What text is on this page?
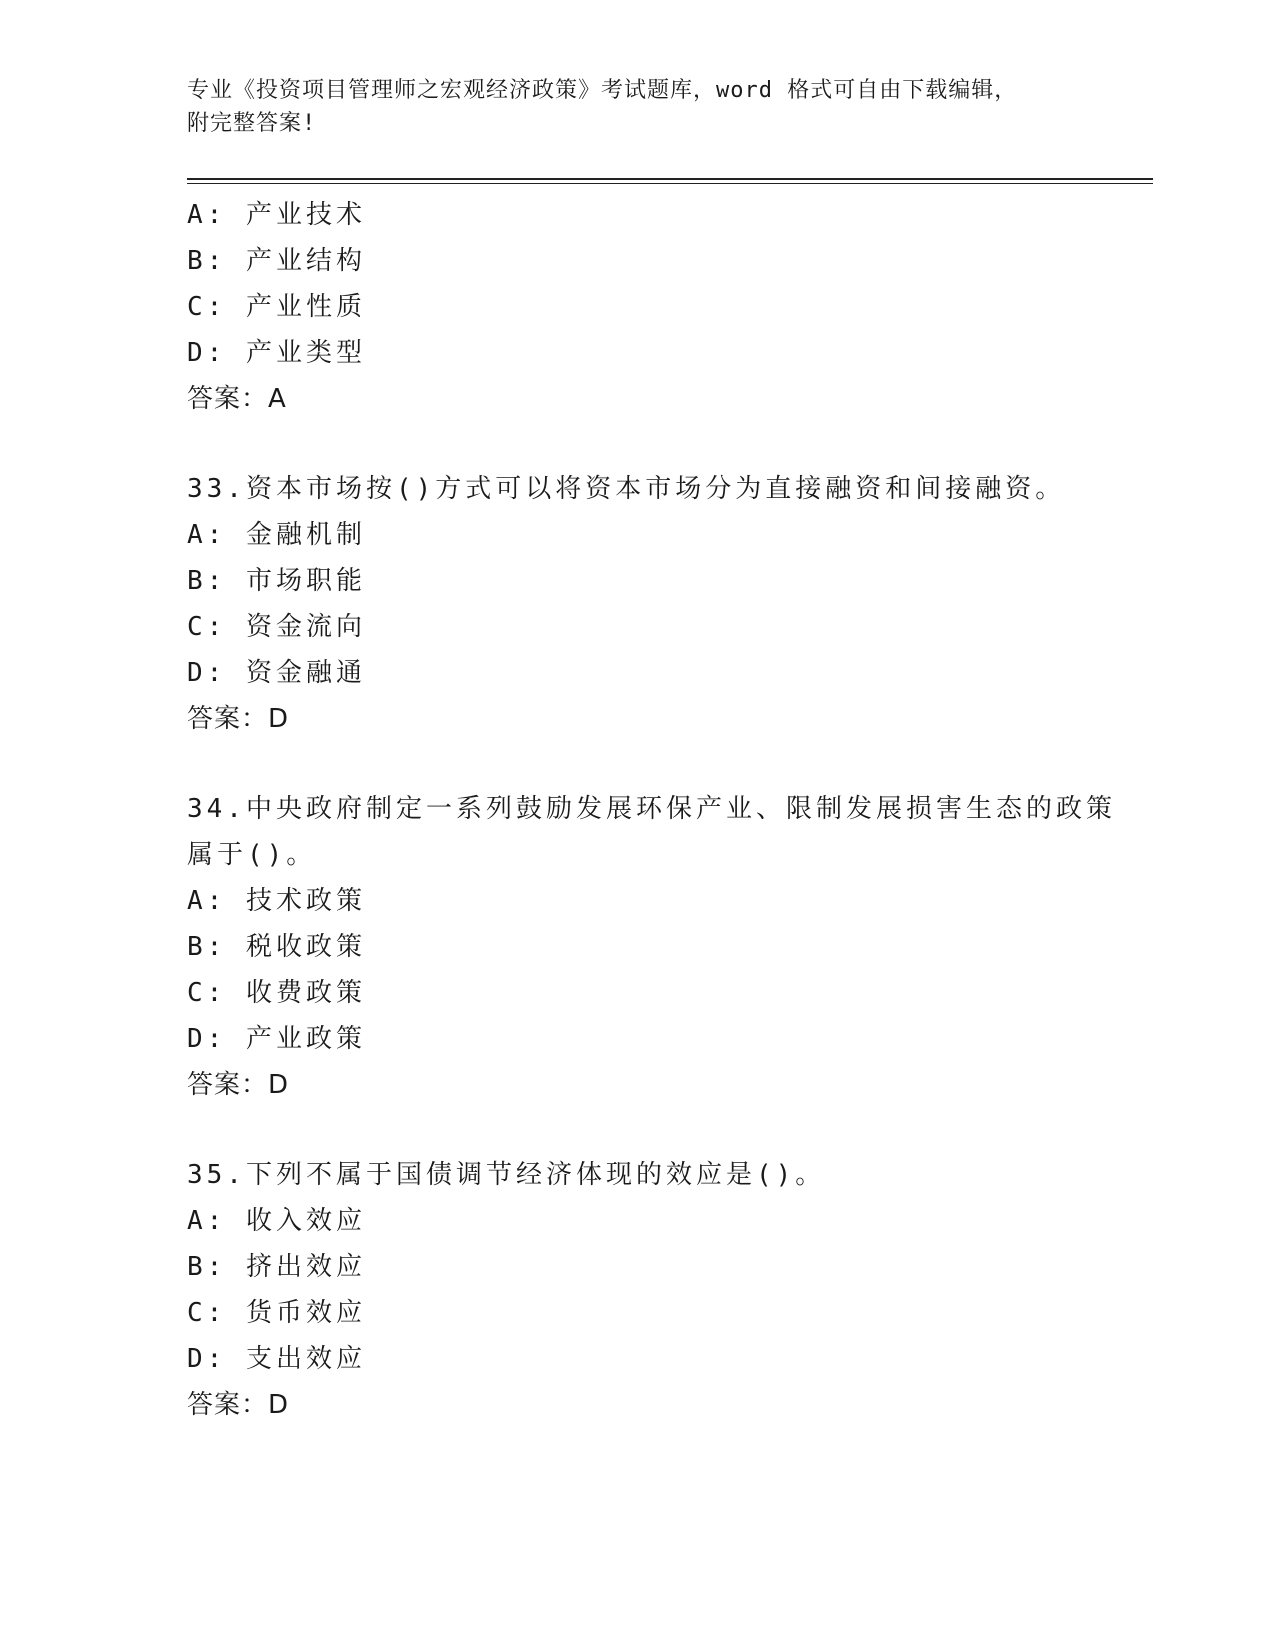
专业《投资项目管理师之宏观经济政策》考试题库，word 格式可自由下载编辑，
附完整答案!
A: 产业技术
B: 产业结构
C: 产业性质
D: 产业类型
答案：A
33.资本市场按()方式可以将资本市场分为直接融资和间接融资。
A: 金融机制
B: 市场职能
C: 资金流向
D: 资金融通
答案：D
34.中央政府制定一系列鼓励发展环保产业、限制发展损害生态的政策
属于()。
A: 技术政策
B: 税收政策
C: 收费政策
D: 产业政策
答案：D
35.下列不属于国债调节经济体现的效应是()。
A: 收入效应
B: 挤出效应
C: 货币效应
D: 支出效应
答案：D
